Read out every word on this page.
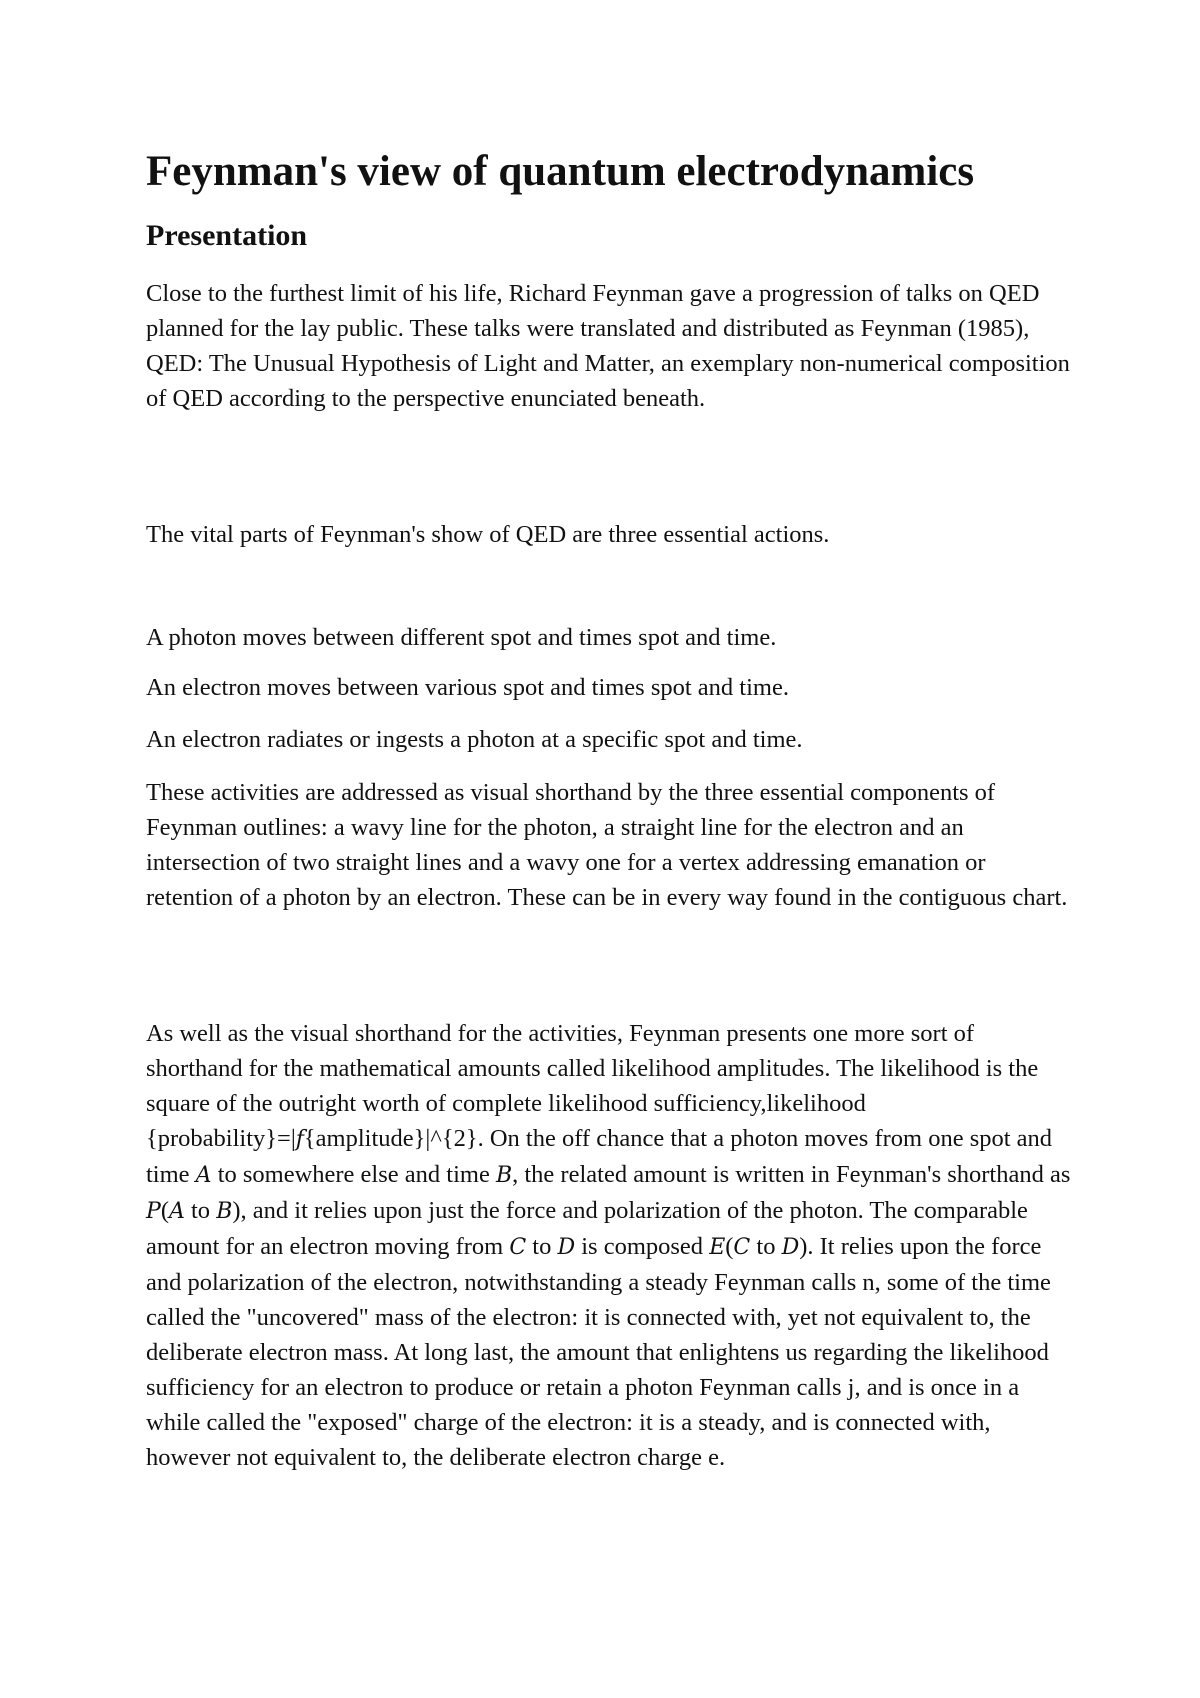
Feynman's view of quantum electrodynamics
Presentation

Close to the furthest limit of his life, Richard Feynman gave a progression of talks on QED planned for the lay public. These talks were translated and distributed as Feynman (1985), QED: The Unusual Hypothesis of Light and Matter, an exemplary non-numerical composition of QED according to the perspective enunciated beneath.

The vital parts of Feynman's show of QED are three essential actions.

A photon moves between different spot and times spot and time.

An electron moves between various spot and times spot and time.

An electron radiates or ingests a photon at a specific spot and time.

These activities are addressed as visual shorthand by the three essential components of Feynman outlines: a wavy line for the photon, a straight line for the electron and an intersection of two straight lines and a wavy one for a vertex addressing emanation or retention of a photon by an electron. These can be in every way found in the contiguous chart.

As well as the visual shorthand for the activities, Feynman presents one more sort of shorthand for the mathematical amounts called likelihood amplitudes. The likelihood is the square of the outright worth of complete likelihood sufficiency,likelihood {probability}=|f{amplitude}|^{2}. On the off chance that a photon moves from one spot and time A to somewhere else and time B, the related amount is written in Feynman's shorthand as P(A to B), and it relies upon just the force and polarization of the photon. The comparable amount for an electron moving from C to D is composed E(C to D). It relies upon the force and polarization of the electron, notwithstanding a steady Feynman calls n, some of the time called the "uncovered" mass of the electron: it is connected with, yet not equivalent to, the deliberate electron mass. At long last, the amount that enlightens us regarding the likelihood sufficiency for an electron to produce or retain a photon Feynman calls j, and is once in a while called the "exposed" charge of the electron: it is a steady, and is connected with, however not equivalent to, the deliberate electron charge e.
